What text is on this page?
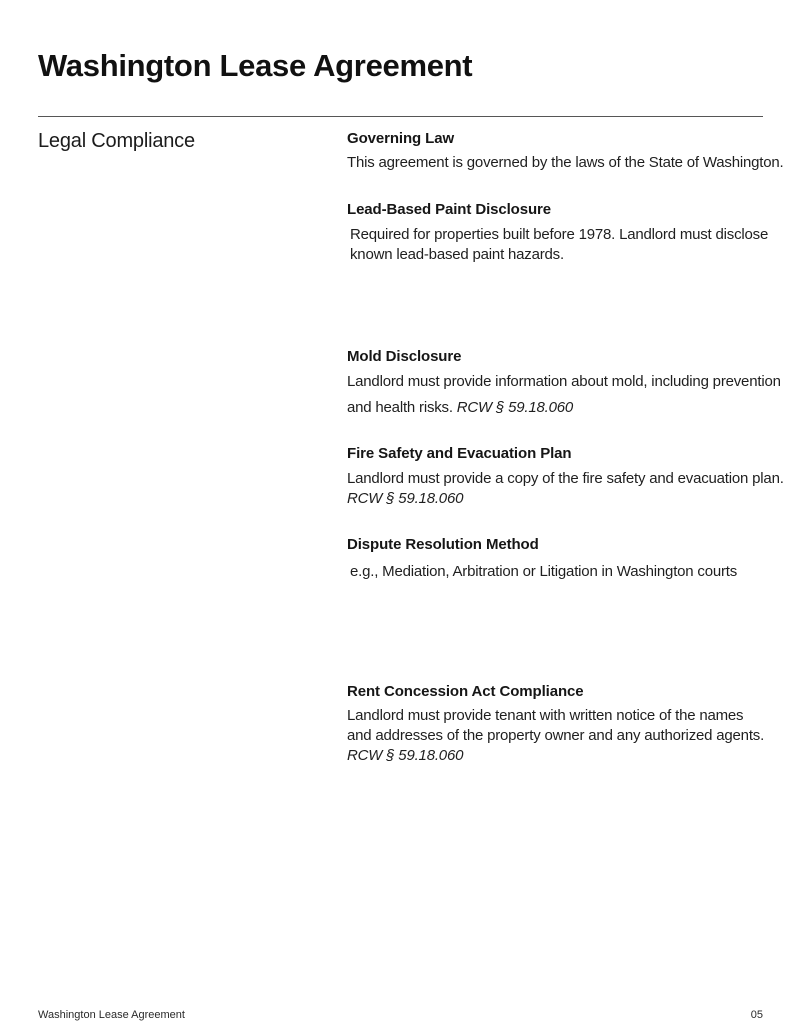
Washington Lease Agreement
Legal Compliance	Governing Law
This agreement is governed by the laws of the State of Washington.
Lead-Based Paint Disclosure
Required for properties built before 1978. Landlord must disclose
known lead-based paint hazards.
Mold Disclosure
Landlord must provide information about mold, including prevention
and health risks. RCW § 59.18.060
Fire Safety and Evacuation Plan
Landlord must provide a copy of the fire safety and evacuation plan.
RCW § 59.18.060
Dispute Resolution Method
e.g., Mediation, Arbitration or Litigation in Washington courts
Rent Concession Act Compliance
Landlord must provide tenant with written notice of the names
and addresses of the property owner and any authorized agents.
RCW § 59.18.060
Washington Lease Agreement	05
